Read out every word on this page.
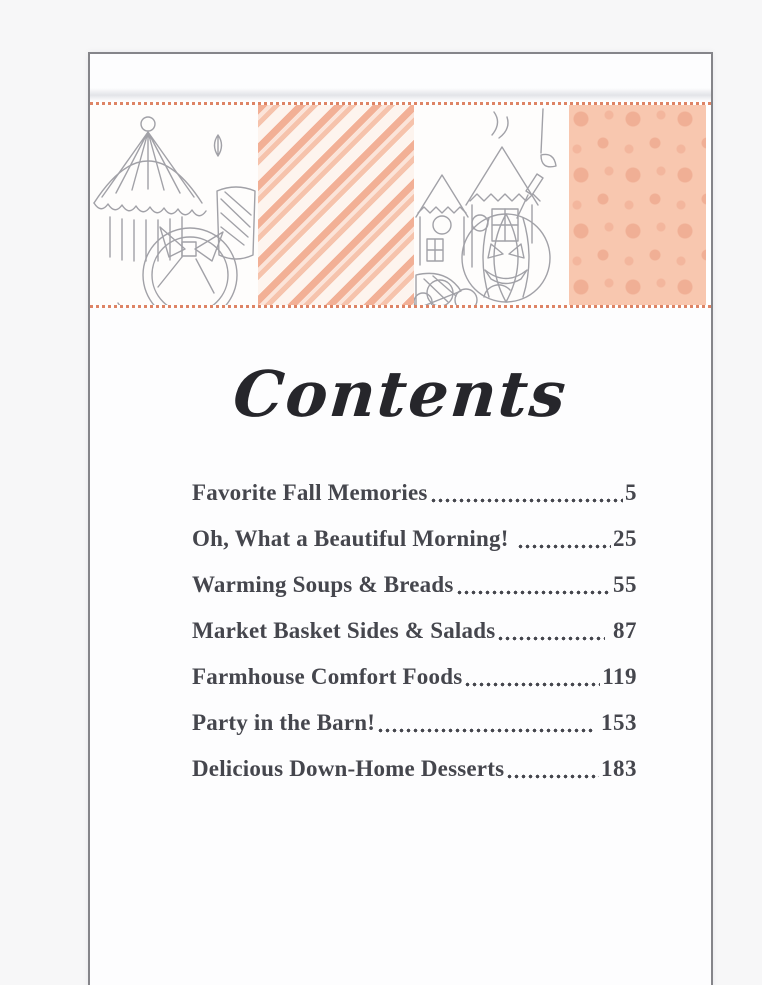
Contents
Favorite Fall Memories	5
Oh, What a Beautiful Morning!	25
Warming Soups & Breads	55
Market Basket Sides & Salads	87
Farmhouse Comfort Foods	119
Party in the Barn!	153
Delicious Down-Home Desserts	183
